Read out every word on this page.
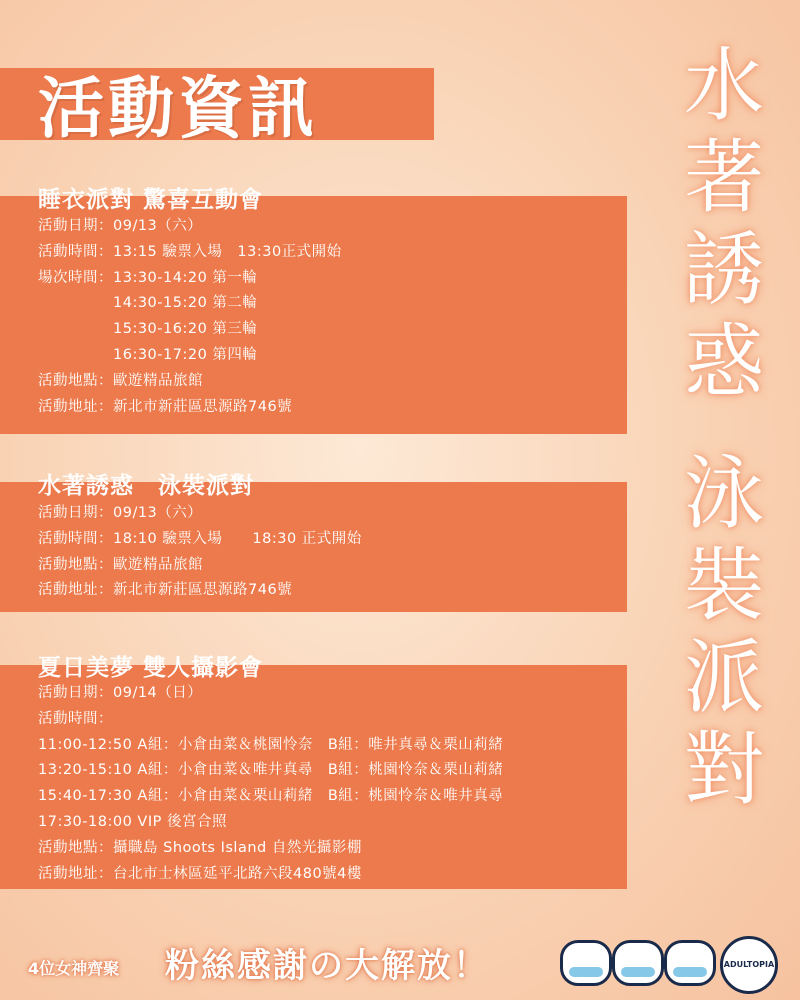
活動資訊
睡衣派對 驚喜互動會
活動日期：09/13（六）
活動時間：13:15 驗票入場　13:30正式開始
場次時間：13:30-14:20 第一輪
　　　　　14:30-15:20 第二輪
　　　　　15:30-16:20 第三輪
　　　　　16:30-17:20 第四輪
活動地點：歐遊精品旅館
活動地址：新北市新莊區思源路746號
水著誘惑　泳裝派對
活動日期：09/13（六）
活動時間：18:10 驗票入場　　18:30 正式開始
活動地點：歐遊精品旅館
活動地址：新北市新莊區思源路746號
夏日美夢 雙人攝影會
活動日期：09/14（日）
活動時間：
11:00-12:50 A組：小倉由菜＆桃園怜奈　B組：唯井真尋＆栗山莉緒
13:20-15:10 A組：小倉由菜＆唯井真尋　B組：桃園怜奈＆栗山莉緒
15:40-17:30 A組：小倉由菜＆栗山莉緒　B組：桃園怜奈＆唯井真尋
17:30-18:00 VIP 後宮合照
活動地點：攝職島 Shoots Island 自然光攝影棚
活動地址：台北市士林區延平北路六段480號4樓
水
著
誘
惑
泳
裝
派
對
4位女神齊聚 粉絲感謝の大解放！	ADULTOPIA
